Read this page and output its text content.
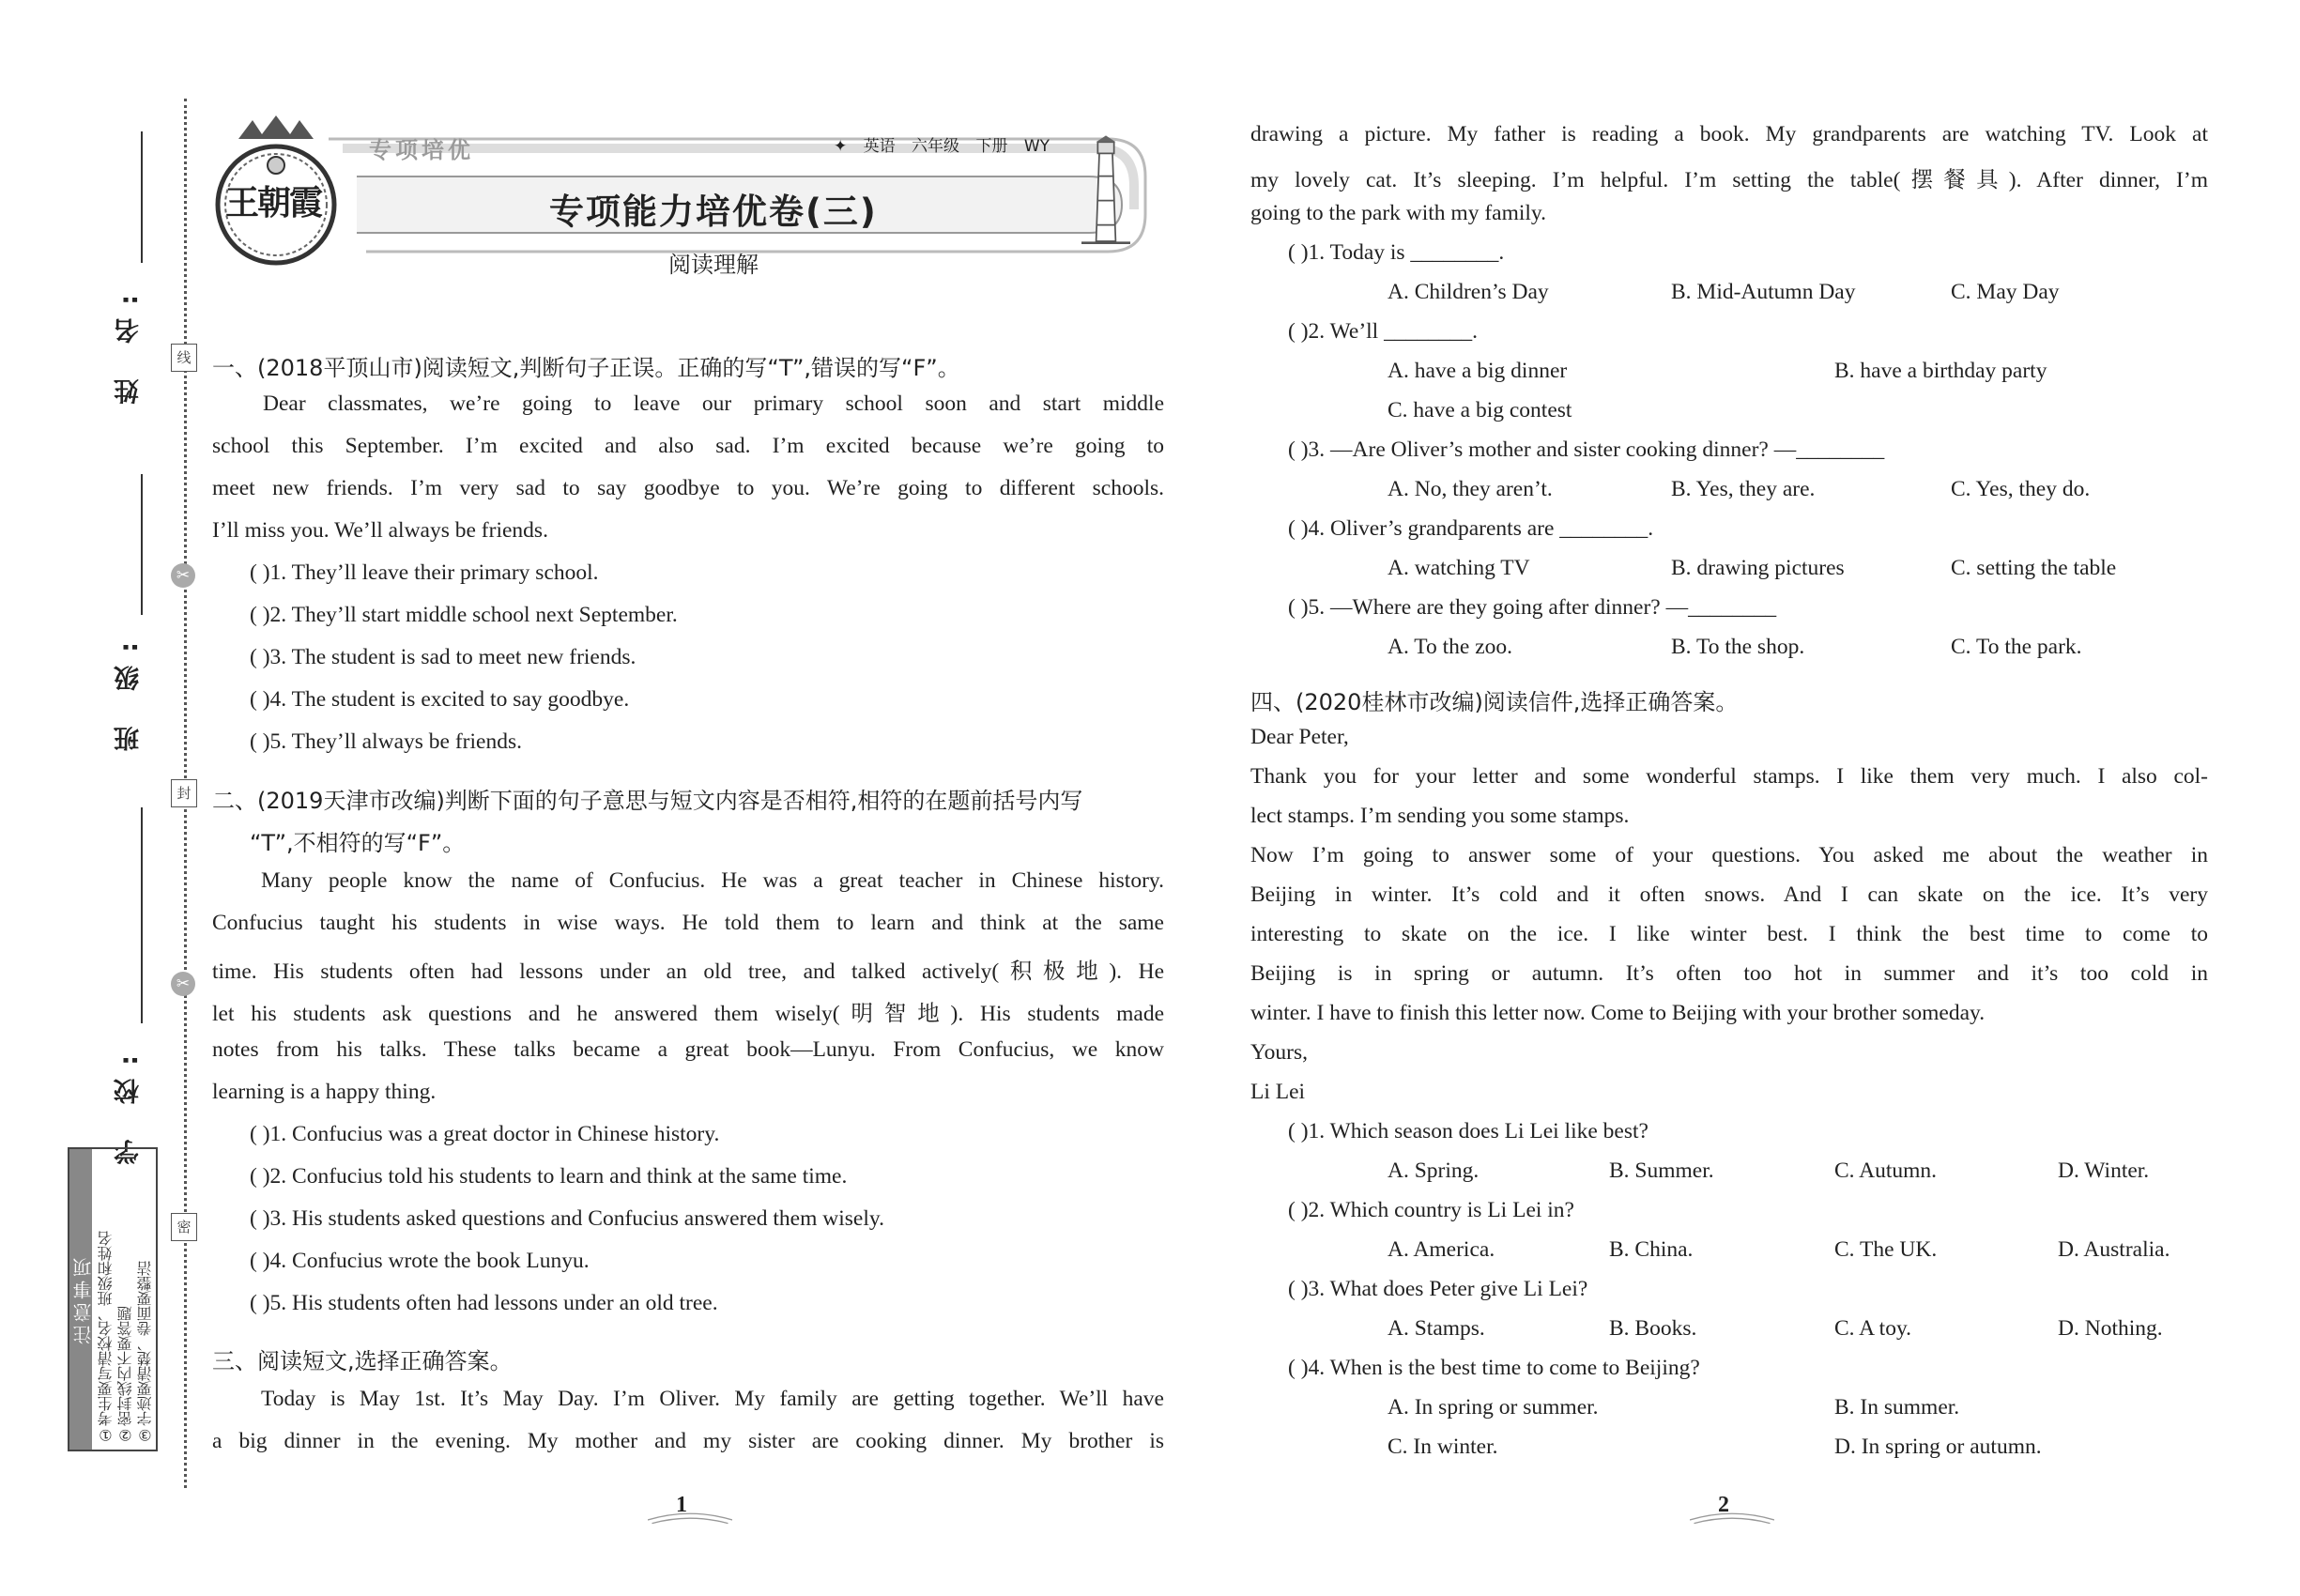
姓 名:
班 级:
学 校:
线
✂
封
✂
密
注意事项 ①考生要写清校名、班级和姓名 ②密封线内不要答题 ③字迹要清楚、卷面要整洁
王朝霞
专项培优	✦ 英语 六年级 下册 WY
专项能力培优卷(三)
阅读理解
一、(2018平顶山市)阅读短文,判断句子正误。正确的写“T”,错误的写“F”。
Dear classmates, we’re going to leave our primary school soon and start middle
school this September. I’m excited and also sad. I’m excited because we’re going to
meet new friends. I’m very sad to say goodbye to you. We’re going to different schools.
I’ll miss you. We’ll always be friends.
( )1. They’ll leave their primary school.
( )2. They’ll start middle school next September.
( )3. The student is sad to meet new friends.
( )4. The student is excited to say goodbye.
( )5. They’ll always be friends.
二、(2019天津市改编)判断下面的句子意思与短文内容是否相符,相符的在题前括号内写
“T”,不相符的写“F”。
Many people know the name of Confucius. He was a great teacher in Chinese history.
Confucius taught his students in wise ways. He told them to learn and think at the same
time. His students often had lessons under an old tree, and talked actively(积极地). He
let his students ask questions and he answered them wisely(明智地). His students made
notes from his talks. These talks became a great book—Lunyu. From Confucius, we know
learning is a happy thing.
( )1. Confucius was a great doctor in Chinese history.
( )2. Confucius told his students to learn and think at the same time.
( )3. His students asked questions and Confucius answered them wisely.
( )4. Confucius wrote the book Lunyu.
( )5. His students often had lessons under an old tree.
三、阅读短文,选择正确答案。
Today is May 1st. It’s May Day. I’m Oliver. My family are getting together. We’ll have
a big dinner in the evening. My mother and my sister are cooking dinner. My brother is
1
drawing a picture. My father is reading a book. My grandparents are watching TV. Look at
my lovely cat. It’s sleeping. I’m helpful. I’m setting the table(摆餐具). After dinner, I’m
going to the park with my family.
( )1. Today is ________.
A. Children’s Day	B. Mid-Autumn Day	C. May Day
( )2. We’ll ________.
A. have a big dinner	B. have a birthday party
C. have a big contest
( )3. —Are Oliver’s mother and sister cooking dinner? —________
A. No, they aren’t.	B. Yes, they are.	C. Yes, they do.
( )4. Oliver’s grandparents are ________.
A. watching TV	B. drawing pictures	C. setting the table
( )5. —Where are they going after dinner? —________
A. To the zoo.	B. To the shop.	C. To the park.
四、(2020桂林市改编)阅读信件,选择正确答案。
Dear Peter,
Thank you for your letter and some wonderful stamps. I like them very much. I also col-
lect stamps. I’m sending you some stamps.
Now I’m going to answer some of your questions. You asked me about the weather in
Beijing in winter. It’s cold and it often snows. And I can skate on the ice. It’s very
interesting to skate on the ice. I like winter best. I think the best time to come to
Beijing is in spring or autumn. It’s often too hot in summer and it’s too cold in
winter. I have to finish this letter now. Come to Beijing with your brother someday.
Yours,
Li Lei
( )1. Which season does Li Lei like best?
A. Spring.	B. Summer.	C. Autumn.	D. Winter.
( )2. Which country is Li Lei in?
A. America.	B. China.	C. The UK.	D. Australia.
( )3. What does Peter give Li Lei?
A. Stamps.	B. Books.	C. A toy.	D. Nothing.
( )4. When is the best time to come to Beijing?
A. In spring or summer.	B. In summer.
C. In winter.	D. In spring or autumn.
2
